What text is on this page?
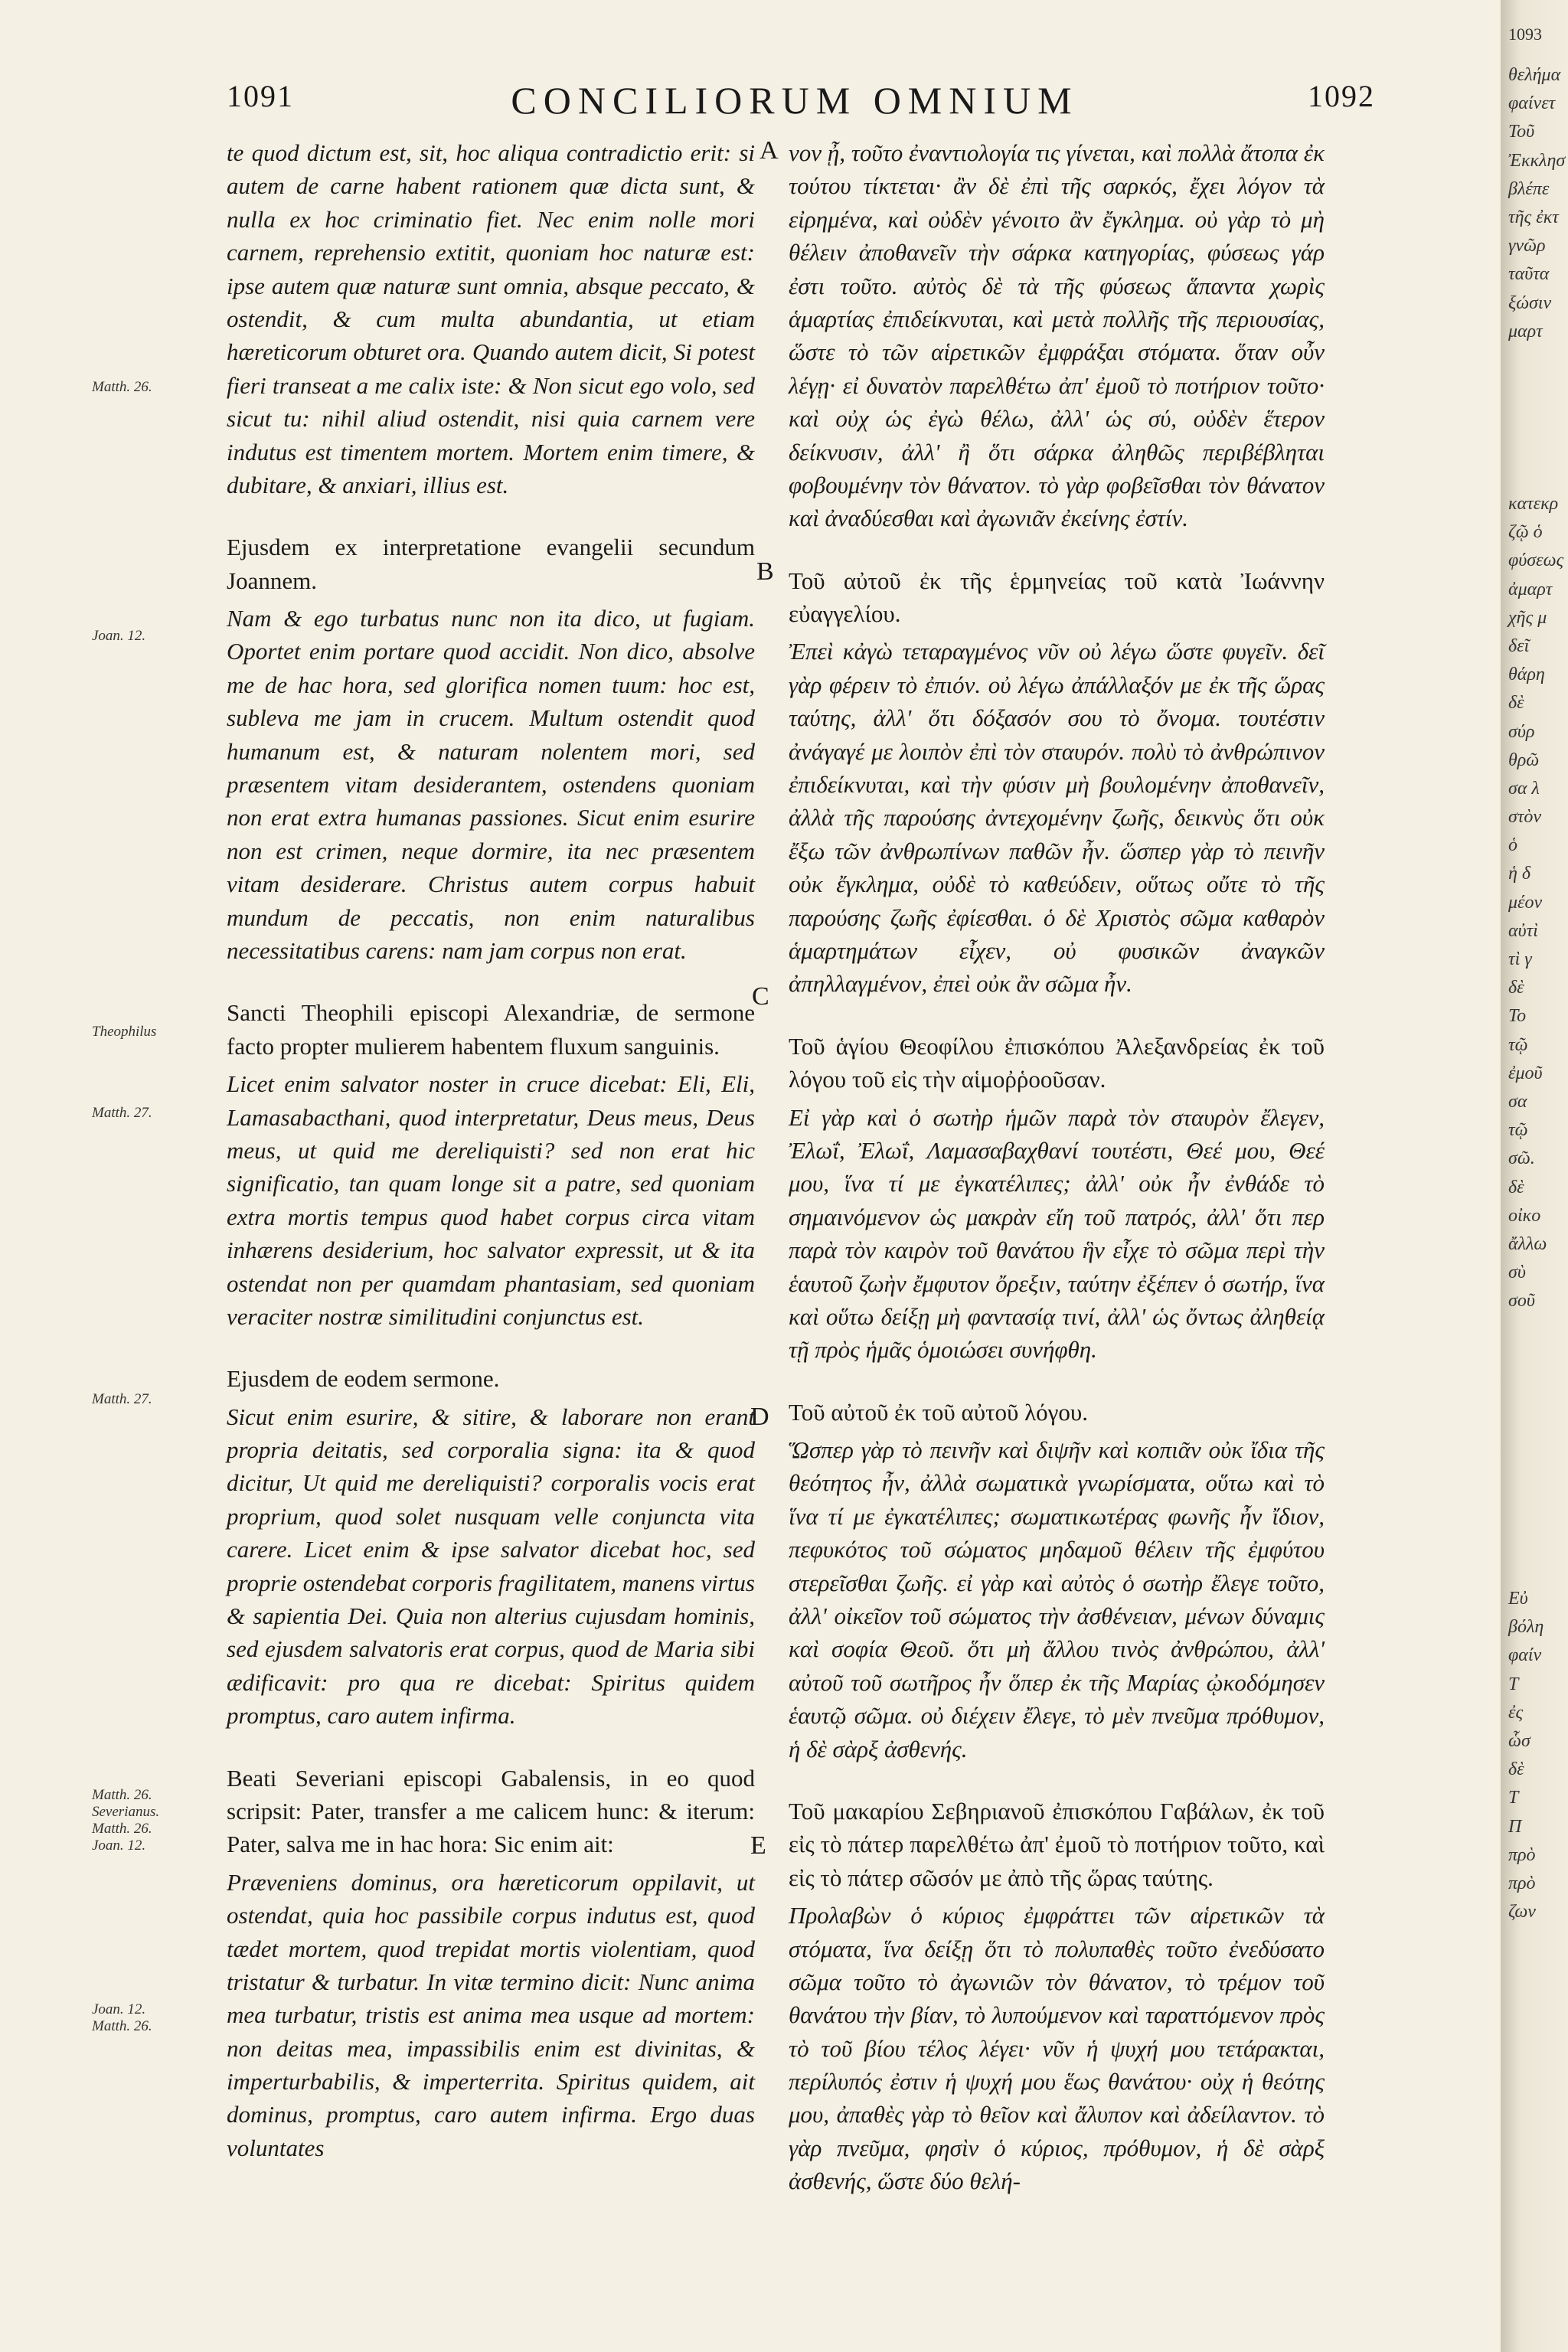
1091	CONCILIORUM OMNIUM	1092
Matth. 26.
Joan. 12.
Theophilus
Matth. 27.
Matth. 27.
Matth. 26.
Severianus.
Matth. 26.
Joan. 12.
Joan. 12.
Matth. 26.
A
B
C
D
E

te quod dictum est, sit, hoc aliqua contradictio erit: si autem de carne habent rationem quæ dicta sunt, & nulla ex hoc criminatio fiet. Nec enim nolle mori carnem, reprehensio extitit, quoniam hoc naturæ est: ipse autem quæ naturæ sunt omnia, absque peccato, & ostendit, & cum multa abundantia, ut etiam hæreticorum obturet ora. Quando autem dicit, Si potest fieri transeat a me calix iste: & Non sicut ego volo, sed sicut tu: nihil aliud ostendit, nisi quia carnem vere indutus est timentem mortem. Mortem enim timere, & dubitare, & anxiari, illius est.

Ejusdem ex interpretatione evangelii secundum Joannem.

Nam & ego turbatus nunc non ita dico, ut fugiam. Oportet enim portare quod accidit. Non dico, absolve me de hac hora, sed glorifica nomen tuum: hoc est, sublevа me jam in crucem. Multum ostendit quod humanum est, & naturam nolentem mori, sed præsentem vitam desiderantem, ostendens quoniam non erat extra humanas passiones. Sicut enim esurire non est crimen, neque dormire, ita nec præsentem vitam desiderare. Christus autem corpus habuit mundum de peccatis, non enim naturalibus necessitatibus carens: nam jam corpus non erat.

Sancti Theophili episcopi Alexandriæ, de sermone facto propter mulierem habentem fluxum sanguinis.

Licet enim salvator noster in cruce dicebat: Eli, Eli, Lamasabacthani, quod interpretatur, Deus meus, Deus meus, ut quid me dereliquisti? sed non erat hic significatio, tan quam longe sit a patre, sed quoniam extra mortis tempus quod habet corpus circa vitam inhærens desiderium, hoc salvator expressit, ut & ita ostendat non per quamdam phantasiam, sed quoniam veraciter nostræ similitudini conjunctus est.

Ejusdem de eodem sermone.

Sicut enim esurire, & sitire, & laborare non erant propria deitatis, sed corporalia signa: ita & quod dicitur, Ut quid me dereliquisti? corporalis vocis erat proprium, quod solet nusquam velle conjuncta vita carere. Licet enim & ipse salvator dicebat hoc, sed proprie ostendebat corporis fragilitatem, manens virtus & sapientia Dei. Quia non alterius cujusdam hominis, sed ejusdem salvatoris erat corpus, quod de Maria sibi ædificavit: pro qua re dicebat: Spiritus quidem promptus, caro autem infirma.

Beati Severiani episcopi Gabalensis, in eo quod scripsit: Pater, transfer a me calicem hunc: & iterum: Pater, salva me in hac hora: Sic enim ait:

Præveniens dominus, ora hæreticorum oppilavit, ut ostendat, quia hoc passibile corpus indutus est, quod tædet mortem, quod trepidat mortis violentiam, quod tristatur & turbatur. In vitæ termino dicit: Nunc anima mea turbatur, tristis est anima mea usque ad mortem: non deitas mea, impassibilis enim est divinitas, & imperturbabilis, & imperterrita. Spiritus quidem, ait dominus, promptus, caro autem infirma. Ergo duas voluntates

νον ᾖ, τοῦτο ἐναντιολογία τις γίνεται, καὶ πολλὰ ἄτοπα ἐκ τούτου τίκτεται· ἂν δὲ ἐπὶ τῆς σαρκός, ἔχει λόγον τὰ εἰρημένα, καὶ οὐδὲν γένοιτο ἂν ἔγκλημα. οὐ γὰρ τὸ μὴ θέλειν ἀποθανεῖν τὴν σάρκα κατηγορίας, φύσεως γάρ ἐστι τοῦτο. αὐτὸς δὲ τὰ τῆς φύσεως ἅπαντα χωρὶς ἁμαρτίας ἐπιδείκνυται, καὶ μετὰ πολλῆς τῆς περιουσίας, ὥστε τὸ τῶν αἱρετικῶν ἐμφράξαι στόματα. ὅταν οὖν λέγῃ· εἰ δυνατὸν παρελθέτω ἀπ' ἐμοῦ τὸ ποτήριον τοῦτο· καὶ οὐχ ὡς ἐγὼ θέλω, ἀλλ' ὡς σύ, οὐδὲν ἕτερον δείκνυσιν, ἀλλ' ἢ ὅτι σάρκα ἀληθῶς περιβέβληται φοβουμένην τὸν θάνατον. τὸ γὰρ φοβεῖσθαι τὸν θάνατον καὶ ἀναδύεσθαι καὶ ἀγωνιᾶν ἐκείνης ἐστίν.

Τοῦ αὐτοῦ ἐκ τῆς ἑρμηνείας τοῦ κατὰ Ἰωάννην εὐαγγελίου.

Ἐπεὶ κἀγὼ τεταραγμένος νῦν οὐ λέγω ὥστε φυγεῖν. δεῖ γὰρ φέρειν τὸ ἐπιόν. οὐ λέγω ἀπάλλαξόν με ἐκ τῆς ὥρας ταύτης, ἀλλ' ὅτι δόξασόν σου τὸ ὄνομα. τουτέστιν ἀνάγαγέ με λοιπὸν ἐπὶ τὸν σταυρόν. πολὺ τὸ ἀνθρώπινον ἐπιδείκνυται, καὶ τὴν φύσιν μὴ βουλομένην ἀποθανεῖν, ἀλλὰ τῆς παρούσης ἀντεχομένην ζωῆς, δεικνὺς ὅτι οὐκ ἔξω τῶν ἀνθρωπίνων παθῶν ἦν. ὥσπερ γὰρ τὸ πεινῆν οὐκ ἔγκλημα, οὐδὲ τὸ καθεύδειν, οὕτως οὔτε τὸ τῆς παρούσης ζωῆς ἐφίεσθαι. ὁ δὲ Χριστὸς σῶμα καθαρὸν ἁμαρτημάτων εἶχεν, οὐ φυσικῶν ἀναγκῶν ἀπηλλαγμένον, ἐπεὶ οὐκ ἂν σῶμα ἦν.

Τοῦ ἁγίου Θεοφίλου ἐπισκόπου Ἀλεξανδρείας ἐκ τοῦ λόγου τοῦ εἰς τὴν αἱμοῤῥοοῦσαν.

Εἰ γὰρ καὶ ὁ σωτὴρ ἡμῶν παρὰ τὸν σταυρὸν ἔλεγεν, Ἐλωΐ, Ἐλωΐ, Λαμασαβαχθανί τουτέστι, Θεέ μου, Θεέ μου, ἵνα τί με ἐγκατέλιπες; ἀλλ' οὐκ ἦν ἐνθάδε τὸ σημαινόμενον ὡς μακρὰν εἴη τοῦ πατρός, ἀλλ' ὅτι περ παρὰ τὸν καιρὸν τοῦ θανάτου ἣν εἶχε τὸ σῶμα περὶ τὴν ἑαυτοῦ ζωὴν ἔμφυτον ὄρεξιν, ταύτην ἐξέπεν ὁ σωτήρ, ἵνα καὶ οὕτω δείξῃ μὴ φαντασίᾳ τινί, ἀλλ' ὡς ὄντως ἀληθείᾳ τῇ πρὸς ἡμᾶς ὁμοιώσει συνήφθη.

Τοῦ αὐτοῦ ἐκ τοῦ αὐτοῦ λόγου.

Ὥσπερ γὰρ τὸ πεινῆν καὶ διψῆν καὶ κοπιᾶν οὐκ ἴδια τῆς θεότητος ἦν, ἀλλὰ σωματικὰ γνωρίσματα, οὕτω καὶ τὸ ἵνα τί με ἐγκατέλιπες; σωματικωτέρας φωνῆς ἦν ἴδιον, πεφυκότος τοῦ σώματος μηδαμοῦ θέλειν τῆς ἐμφύτου στερεῖσθαι ζωῆς. εἰ γὰρ καὶ αὐτὸς ὁ σωτὴρ ἔλεγε τοῦτο, ἀλλ' οἰκεῖον τοῦ σώματος τὴν ἀσθένειαν, μένων δύναμις καὶ σοφία Θεοῦ. ὅτι μὴ ἄλλου τινὸς ἀνθρώπου, ἀλλ' αὐτοῦ τοῦ σωτῆρος ἦν ὅπερ ἐκ τῆς Μαρίας ᾠκοδόμησεν ἑαυτῷ σῶμα. οὐ διέχειν ἔλεγε, τὸ μὲν πνεῦμα πρόθυμον, ἡ δὲ σὰρξ ἀσθενής.

Τοῦ μακαρίου Σεβηριανοῦ ἐπισκόπου Γαβάλων, ἐκ τοῦ εἰς τὸ πάτερ παρελθέτω ἀπ' ἐμοῦ τὸ ποτήριον τοῦτο, καὶ εἰς τὸ πάτερ σῶσόν με ἀπὸ τῆς ὥρας ταύτης.

Προλαβὼν ὁ κύριος ἐμφράττει τῶν αἱρετικῶν τὰ στόματα, ἵνα δείξῃ ὅτι τὸ πολυπαθὲς τοῦτο ἐνεδύσατο σῶμα τοῦτο τὸ ἀγωνιῶν τὸν θάνατον, τὸ τρέμον τοῦ θανάτου τὴν βίαν, τὸ λυπούμενον καὶ ταραττόμενον πρὸς τὸ τοῦ βίου τέλος λέγει· νῦν ἡ ψυχή μου τετάρακται, περίλυπός ἐστιν ἡ ψυχή μου ἕως θανάτου· οὐχ ἡ θεότης μου, ἀπαθὲς γὰρ τὸ θεῖον καὶ ἄλυπον καὶ ἀδείλαντον. τὸ γὰρ πνεῦμα, φησὶν ὁ κύριος, πρόθυμον, ἡ δὲ σὰρξ ἀσθενής, ὥστε δύο θελή-

1093
θελήμα
φαίνετ
Τοῦ
Ἐκκλησ
βλέπε
τῆς ἐκτ
γνῶρ
ταῦτα
ξώσιν
μαρτ
κατεκρ
ζῷ ὁ
φύσεως
ἀμαρτ
χῆς μ
δεῖ
θάρη
δὲ
σύρ
θρῶ
σα λ
στὸν
ὁ
ἡ δ
μέον
αὐτὶ
τὶ γ
δὲ
Το
τῷ
ἐμοῦ
σα
τῷ
σῶ.
δὲ
οἰκο
ἄλλω
σὺ
σοῦ
Εὐ
βόλη
φαίν
Τ
ἐς
ὧσ
δὲ
Τ
Π
πρὸ
πρὸ
ζων
